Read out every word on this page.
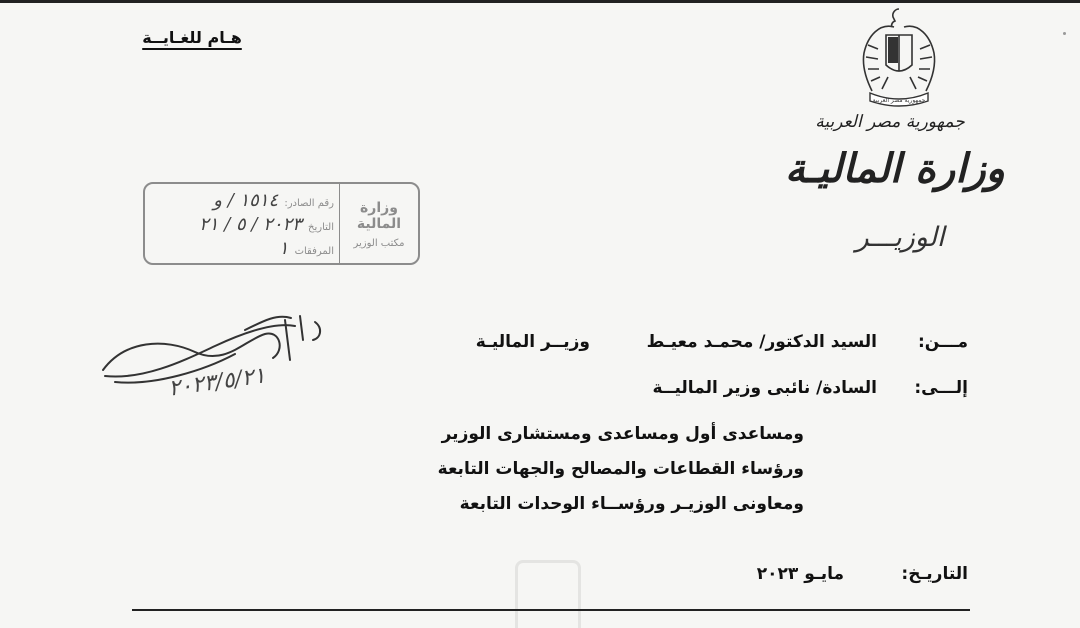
هـام للغـايــة
جمهورية مصر العربية
جمهورية مصر العربية
وزارة الماليـة
الوزيـــر
وزارة المالية
مكتب الوزير
رقم الصادر: ١٥١٤ / و
التاريخ ٢٠٢٣ / ٥ / ٢١
المرفقات ١
٢٠٢٣/٥/٢١
مـــن:
السيد الدكتور/ محمـد معيـط
وزيــر الماليـة
إلـــى:
السادة/ نائبى وزير الماليــة
ومساعدى أول ومساعدى ومستشارى الوزير
ورؤساء القطاعات والمصالح والجهات التابعة
ومعاونى الوزيـر ورؤســاء الوحدات التابعة
التاريـخ:
مايـو ٢٠٢٣
